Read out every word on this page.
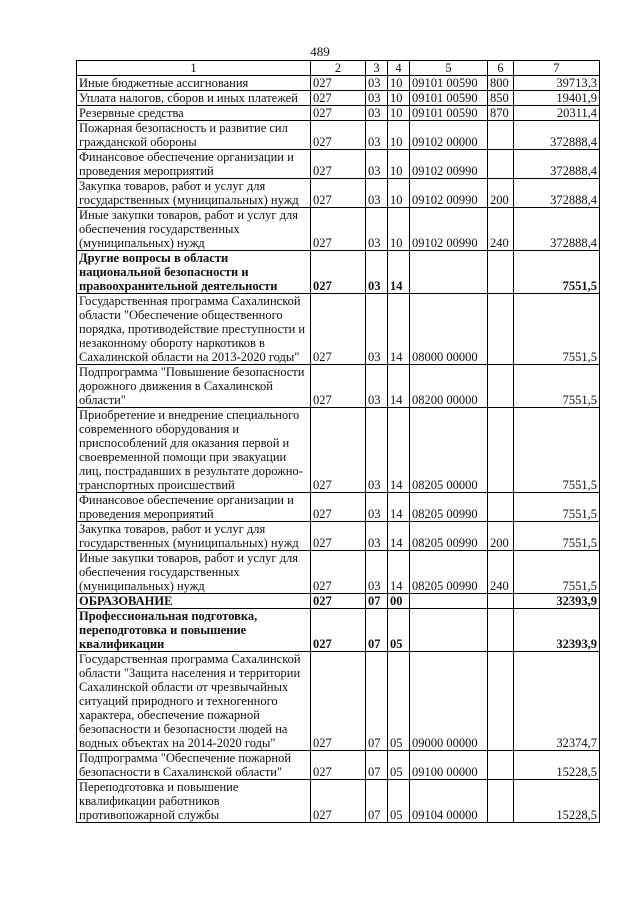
489
1	2	3	4	5	6	7
Иные бюджетные ассигнования	027	03	10	09101 00590	800	39713,3
Уплата налогов, сборов и иных платежей	027	03	10	09101 00590	850	19401,9
Резервные средства	027	03	10	09101 00590	870	20311,4
Пожарная безопасность и развитие сил гражданской обороны	027	03	10	09102 00000		372888,4
Финансовое обеспечение организации и проведения мероприятий	027	03	10	09102 00990		372888,4
Закупка товаров, работ и услуг для государственных (муниципальных) нужд	027	03	10	09102 00990	200	372888,4
Иные закупки товаров, работ и услуг для обеспечения государственных (муниципальных) нужд	027	03	10	09102 00990	240	372888,4
Другие вопросы в области национальной безопасности и правоохранительной деятельности	027	03	14			7551,5
Государственная программа Сахалинской области "Обеспечение общественного порядка, противодействие преступности и незаконному обороту наркотиков в Сахалинской области на 2013-2020 годы"	027	03	14	08000 00000		7551,5
Подпрограмма "Повышение безопасности дорожного движения в Сахалинской области"	027	03	14	08200 00000		7551,5
Приобретение и внедрение специального современного оборудования и приспособлений для оказания первой и своевременной помощи при эвакуации лиц, пострадавших в результате дорожно-транспортных происшествий	027	03	14	08205 00000		7551,5
Финансовое обеспечение организации и проведения мероприятий	027	03	14	08205 00990		7551,5
Закупка товаров, работ и услуг для государственных (муниципальных) нужд	027	03	14	08205 00990	200	7551,5
Иные закупки товаров, работ и услуг для обеспечения государственных (муниципальных) нужд	027	03	14	08205 00990	240	7551,5
ОБРАЗОВАНИЕ	027	07	00			32393,9
Профессиональная подготовка, переподготовка и повышение квалификации	027	07	05			32393,9
Государственная программа Сахалинской области "Защита населения и территории Сахалинской области от чрезвычайных ситуаций природного и техногенного характера, обеспечение пожарной безопасности и безопасности людей на водных объектах на 2014-2020 годы"	027	07	05	09000 00000		32374,7
Подпрограмма "Обеспечение пожарной безопасности в Сахалинской области"	027	07	05	09100 00000		15228,5
Переподготовка и повышение квалификации работников противопожарной службы	027	07	05	09104 00000		15228,5
